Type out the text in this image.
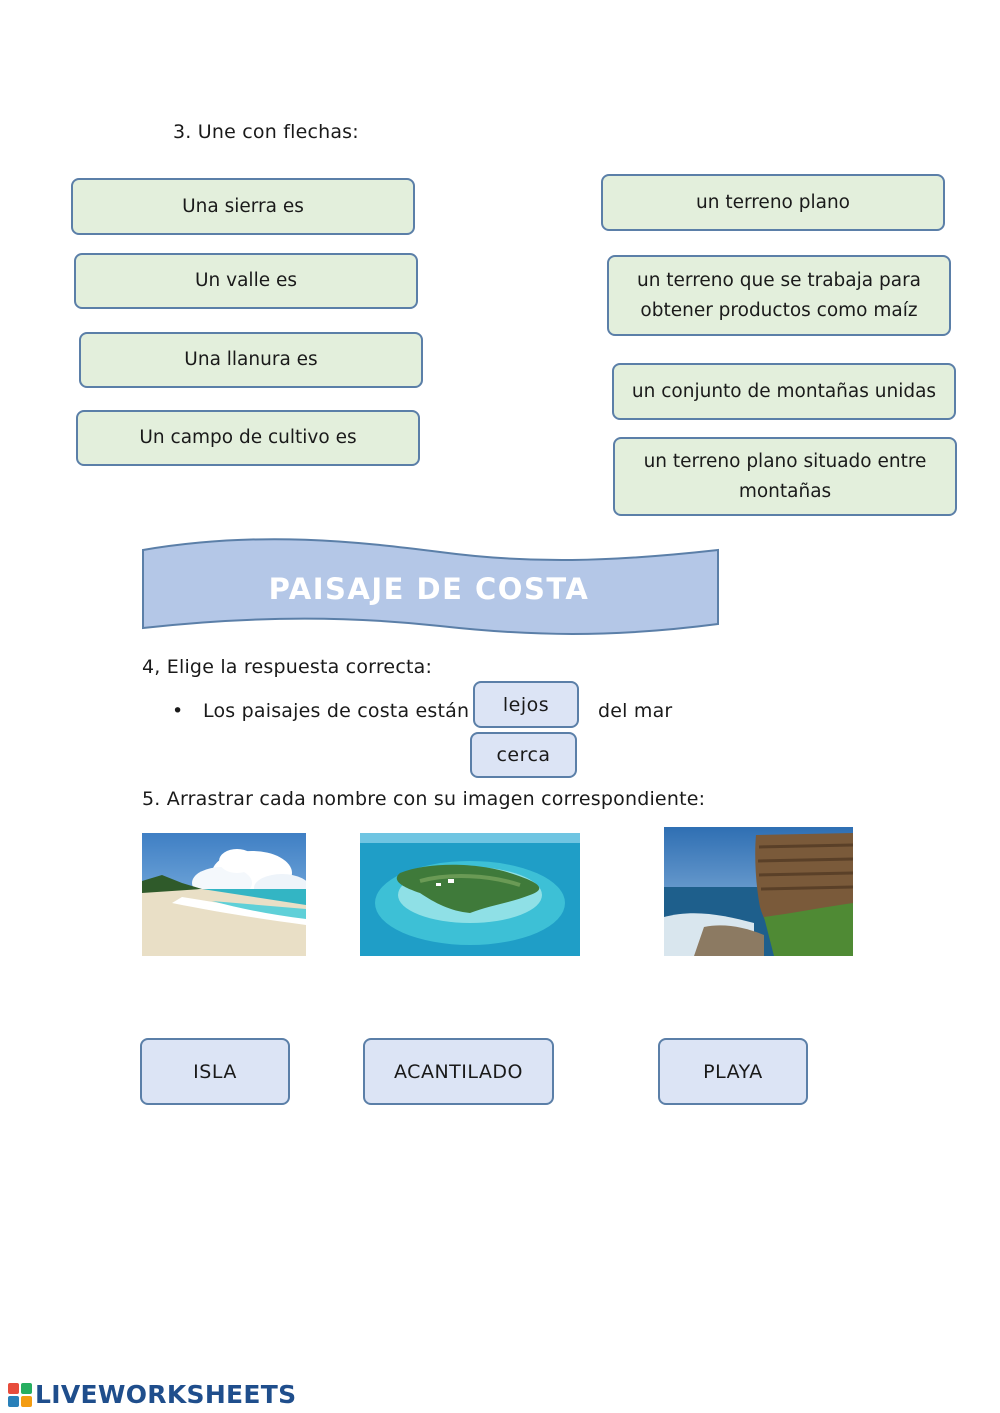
3. Une con flechas:
Una sierra es
Un valle es
Una llanura es
Un campo de cultivo es
un terreno plano
un terreno que se trabaja para
obtener productos como maíz
un conjunto de montañas unidas
un terreno plano situado entre
montañas
PAISAJE DE COSTA
4, Elige la respuesta correcta:
• Los paisajes de costa están lejos
cerca
del mar
5. Arrastrar cada nombre con su imagen correspondiente:
ISLA	ACANTILADO	PLAYA
LIVEWORKSHEETS
